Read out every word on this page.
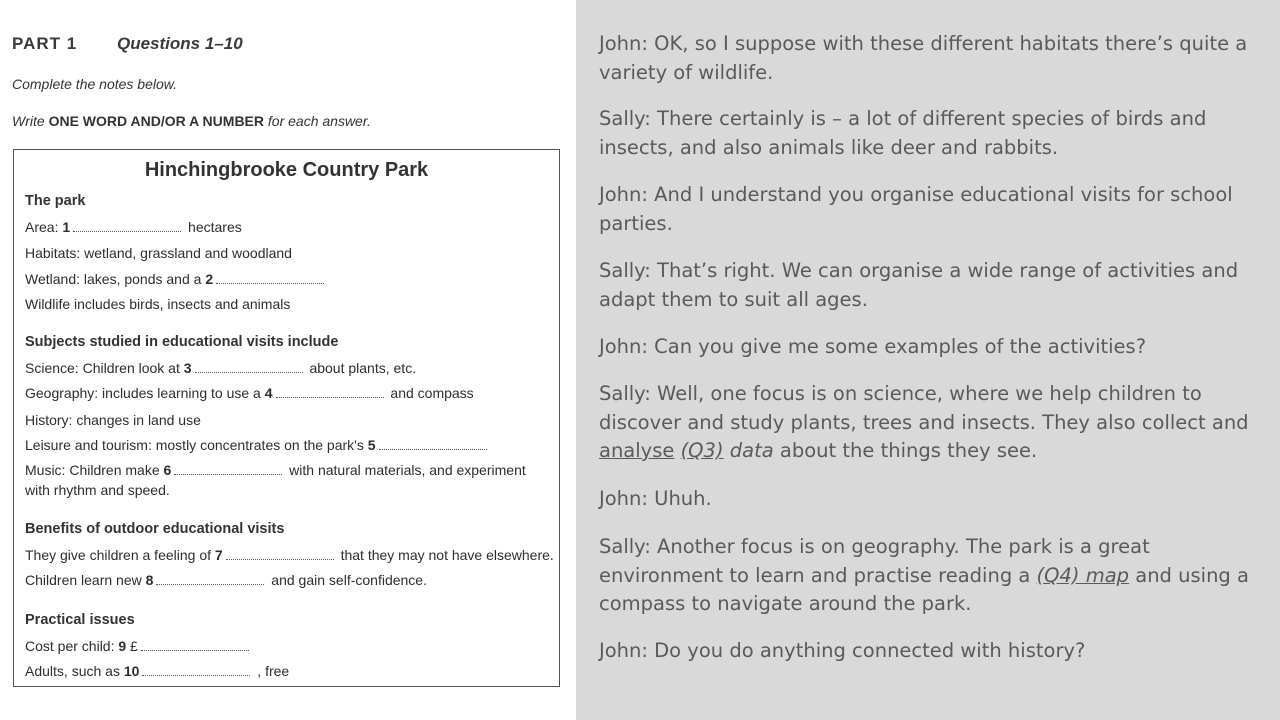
PART 1 Questions 1–10
Complete the notes below.
Write ONE WORD AND/OR A NUMBER for each answer.
Hinchingbrooke Country Park
The park
Area: 1	hectares
Habitats: wetland, grassland and woodland
Wetland: lakes, ponds and a 2
Wildlife includes birds, insects and animals
Subjects studied in educational visits include
Science: Children look at 3	about plants, etc.
Geography: includes learning to use a 4	and compass
History: changes in land use
Leisure and tourism: mostly concentrates on the park's 5
Music: Children make 6	with natural materials, and experiment with rhythm and speed.
Benefits of outdoor educational visits
They give children a feeling of 7	that they may not have elsewhere.
Children learn new 8	and gain self-confidence.
Practical issues
Cost per child: 9 £
Adults, such as 10	, free
John: OK, so I suppose with these different habitats there’s quite a variety of wildlife.
Sally: There certainly is – a lot of different species of birds and insects, and also animals like deer and rabbits.
John: And I understand you organise educational visits for school parties.
Sally: That’s right. We can organise a wide range of activities and adapt them to suit all ages.
John: Can you give me some examples of the activities?
Sally: Well, one focus is on science, where we help children to discover and study plants, trees and insects. They also collect and analyse (Q3) data about the things they see.
John: Uhuh.
Sally: Another focus is on geography. The park is a great environment to learn and practise reading a (Q4) map and using a compass to navigate around the park.
John: Do you do anything connected with history?
